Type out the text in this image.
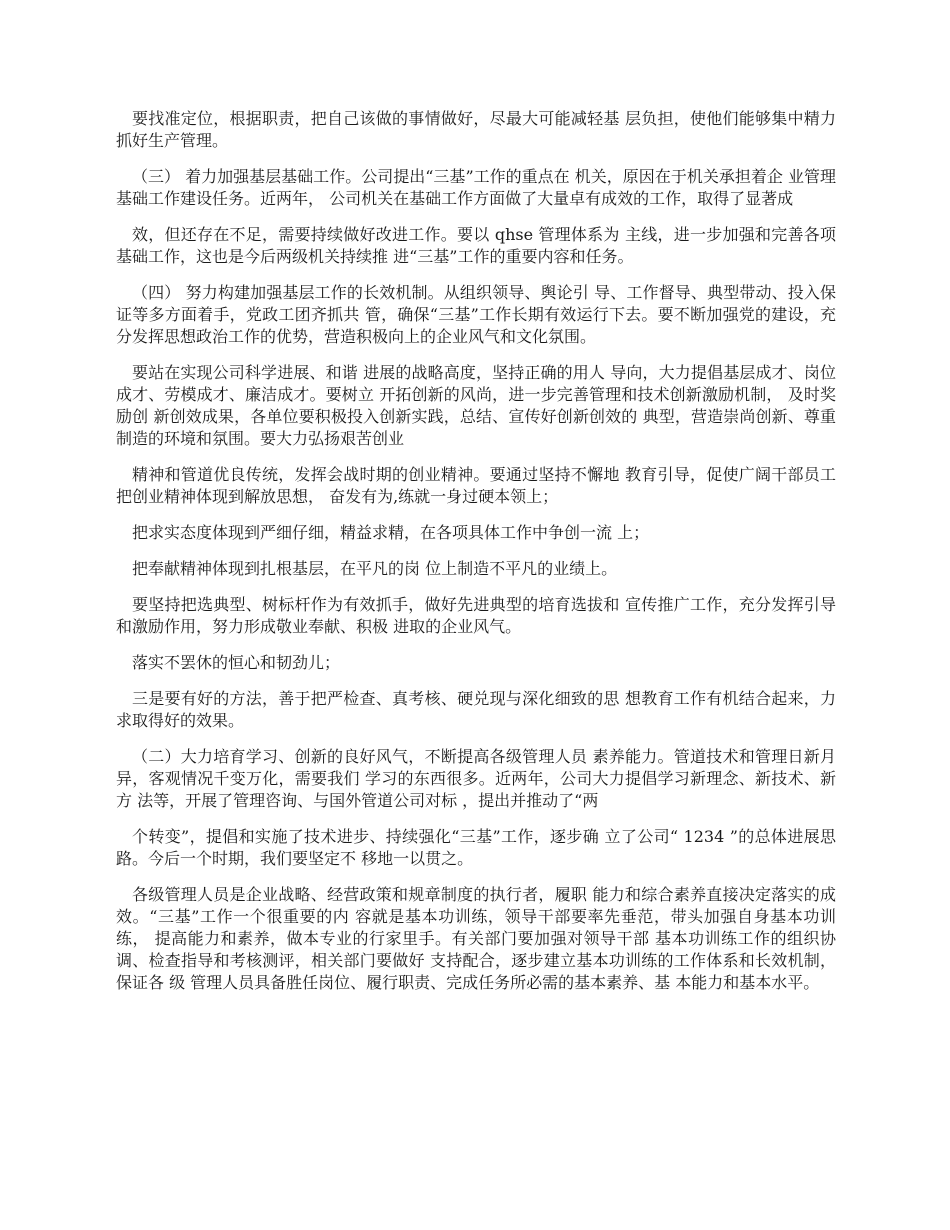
要找准定位，根据职责，把自己该做的事情做好，尽最大可能减轻基 层负担，使他们能够集中精力抓好生产管理。

（三） 着力加强基层基础工作。公司提出“三基”工作的重点在 机关，原因在于机关承担着企 业管理基础工作建设任务。近两年， 公司机关在基础工作方面做了大量卓有成效的工作，取得了显著成

效，但还存在不足，需要持续做好改进工作。要以 qhse 管理体系为 主线，进一步加强和完善各项基础工作，这也是今后两级机关持续推 进“三基”工作的重要内容和任务。

（四） 努力构建加强基层工作的长效机制。从组织领导、舆论引 导、工作督导、典型带动、投入保证等多方面着手，党政工团齐抓共 管，确保“三基”工作长期有效运行下去。要不断加强党的建设，充 分发挥思想政治工作的优势，营造积极向上的企业风气和文化氛围。

要站在实现公司科学进展、和谐 进展的战略高度，坚持正确的用人 导向，大力提倡基层成才、岗位成才、劳模成才、廉洁成才。要树立 开拓创新的风尚，进一步完善管理和技术创新激励机制， 及时奖励创 新创效成果，各单位要积极投入创新实践，总结、宣传好创新创效的 典型，营造崇尚创新、尊重制造的环境和氛围。要大力弘扬艰苦创业

精神和管道优良传统，发挥会战时期的创业精神。要通过坚持不懈地 教育引导，促使广阔干部员工把创业精神体现到解放思想， 奋发有为,练就一身过硬本领上；

把求实态度体现到严细仔细，精益求精，在各项具体工作中争创一流 上；

把奉献精神体现到扎根基层，在平凡的岗 位上制造不平凡的业绩上。

要坚持把选典型、树标杆作为有效抓手，做好先进典型的培育选拔和 宣传推广工作，充分发挥引导和激励作用，努力形成敬业奉献、积极 进取的企业风气。

落实不罢休的恒心和韧劲儿；

三是要有好的方法，善于把严检查、真考核、硬兑现与深化细致的思 想教育工作有机结合起来，力求取得好的效果。

（二）大力培育学习、创新的良好风气，不断提高各级管理人员 素养能力。管道技术和管理日新月异，客观情况千变万化，需要我们 学习的东西很多。近两年，公司大力提倡学习新理念、新技术、新方 法等，开展了管理咨询、与国外管道公司对标 ，提出并推动了“两

个转变”，提倡和实施了技术进步、持续强化“三基”工作，逐步确 立了公司“ 1234 ”的总体进展思路。今后一个时期，我们要坚定不 移地一以贯之。

各级管理人员是企业战略、经营政策和规章制度的执行者，履职 能力和综合素养直接决定落实的成效。“三基”工作一个很重要的内 容就是基本功训练，领导干部要率先垂范，带头加强自身基本功训练， 提高能力和素养，做本专业的行家里手。有关部门要加强对领导干部 基本功训练工作的组织协调、检查指导和考核测评，相关部门要做好 支持配合，逐步建立基本功训练的工作体系和长效机制，保证各 级 管理人员具备胜任岗位、履行职责、完成任务所必需的基本素养、基 本能力和基本水平。
